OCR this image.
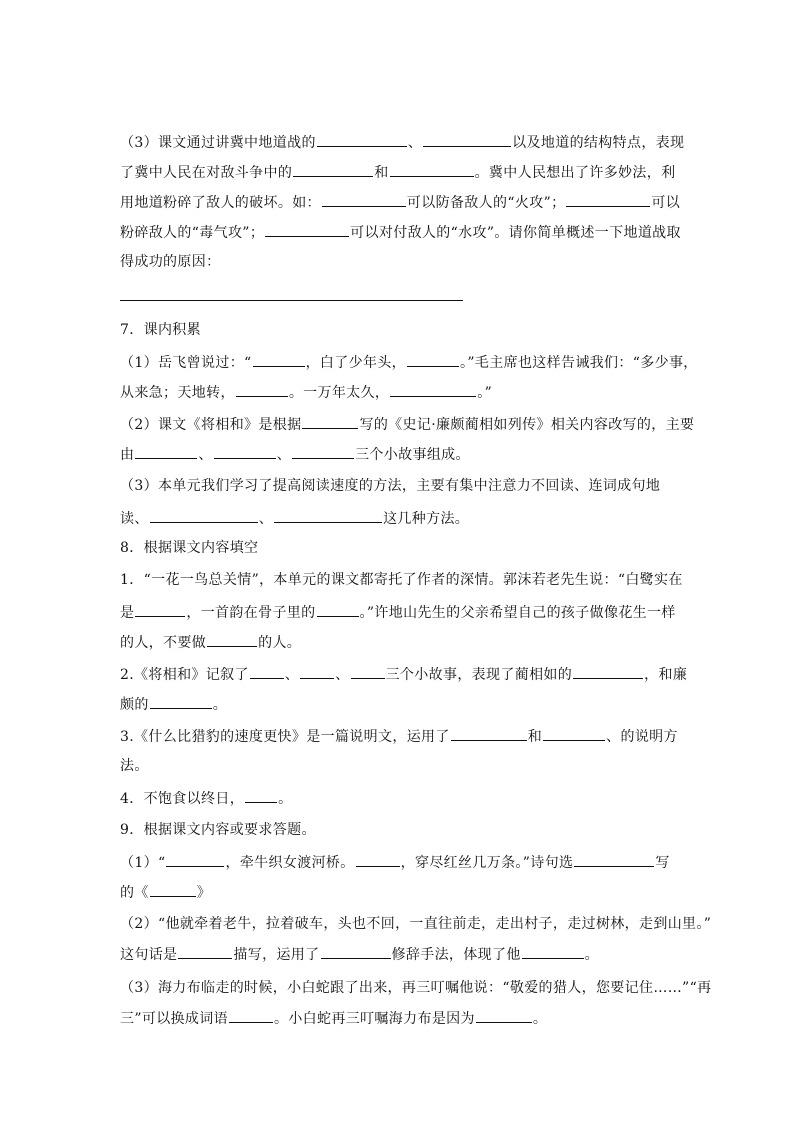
（3）课文通过讲冀中地道战的	、	以及地道的结构特点，表现
了冀中人民在对敌斗争中的	和	。冀中人民想出了许多妙法，利
用地道粉碎了敌人的破坏。如：	可以防备敌人的“火攻”；	可以
粉碎敌人的“毒气攻”；	可以对付敌人的“水攻”。请你简单概述一下地道战取
得成功的原因：
7．课内积累
（1）岳飞曾说过：“	，白了少年头，	。”毛主席也这样告诫我们：“多少事，
从来急；天地转，	。一万年太久，	。”
（2）课文《将相和》是根据	写的《史记·廉颇蔺相如列传》相关内容改写的，主要
由	、	、	三个小故事组成。
（3）本单元我们学习了提高阅读速度的方法，主要有集中注意力不回读、连词成句地
读、	、	这几种方法。
8．根据课文内容填空
1．“一花一鸟总关情”，本单元的课文都寄托了作者的深情。郭沫若老先生说：“白鹭实在
是	，一首韵在骨子里的	。”许地山先生的父亲希望自己的孩子做像花生一样
的人，不要做	的人。
2.《将相和》记叙了	、	、	三个小故事，表现了蔺相如的	，和廉
颇的	。
3.《什么比猎豹的速度更快》是一篇说明文，运用了	和	、的说明方
法。
4．不饱食以终日， 。
9．根据课文内容或要求答题。
（1）“	，牵牛织女渡河桥。	，穿尽红丝几万条。”诗句选	写
的《	》
（2）“他就牵着老牛，拉着破车，头也不回，一直往前走，走出村子，走过树林，走到山里。”
这句话是	描写，运用了	修辞手法，体现了他	。
（3）海力布临走的时候，小白蛇跟了出来，再三叮嘱他说：“敬爱的猎人，您要记住……”“再
三”可以换成词语	。小白蛇再三叮嘱海力布是因为	。
